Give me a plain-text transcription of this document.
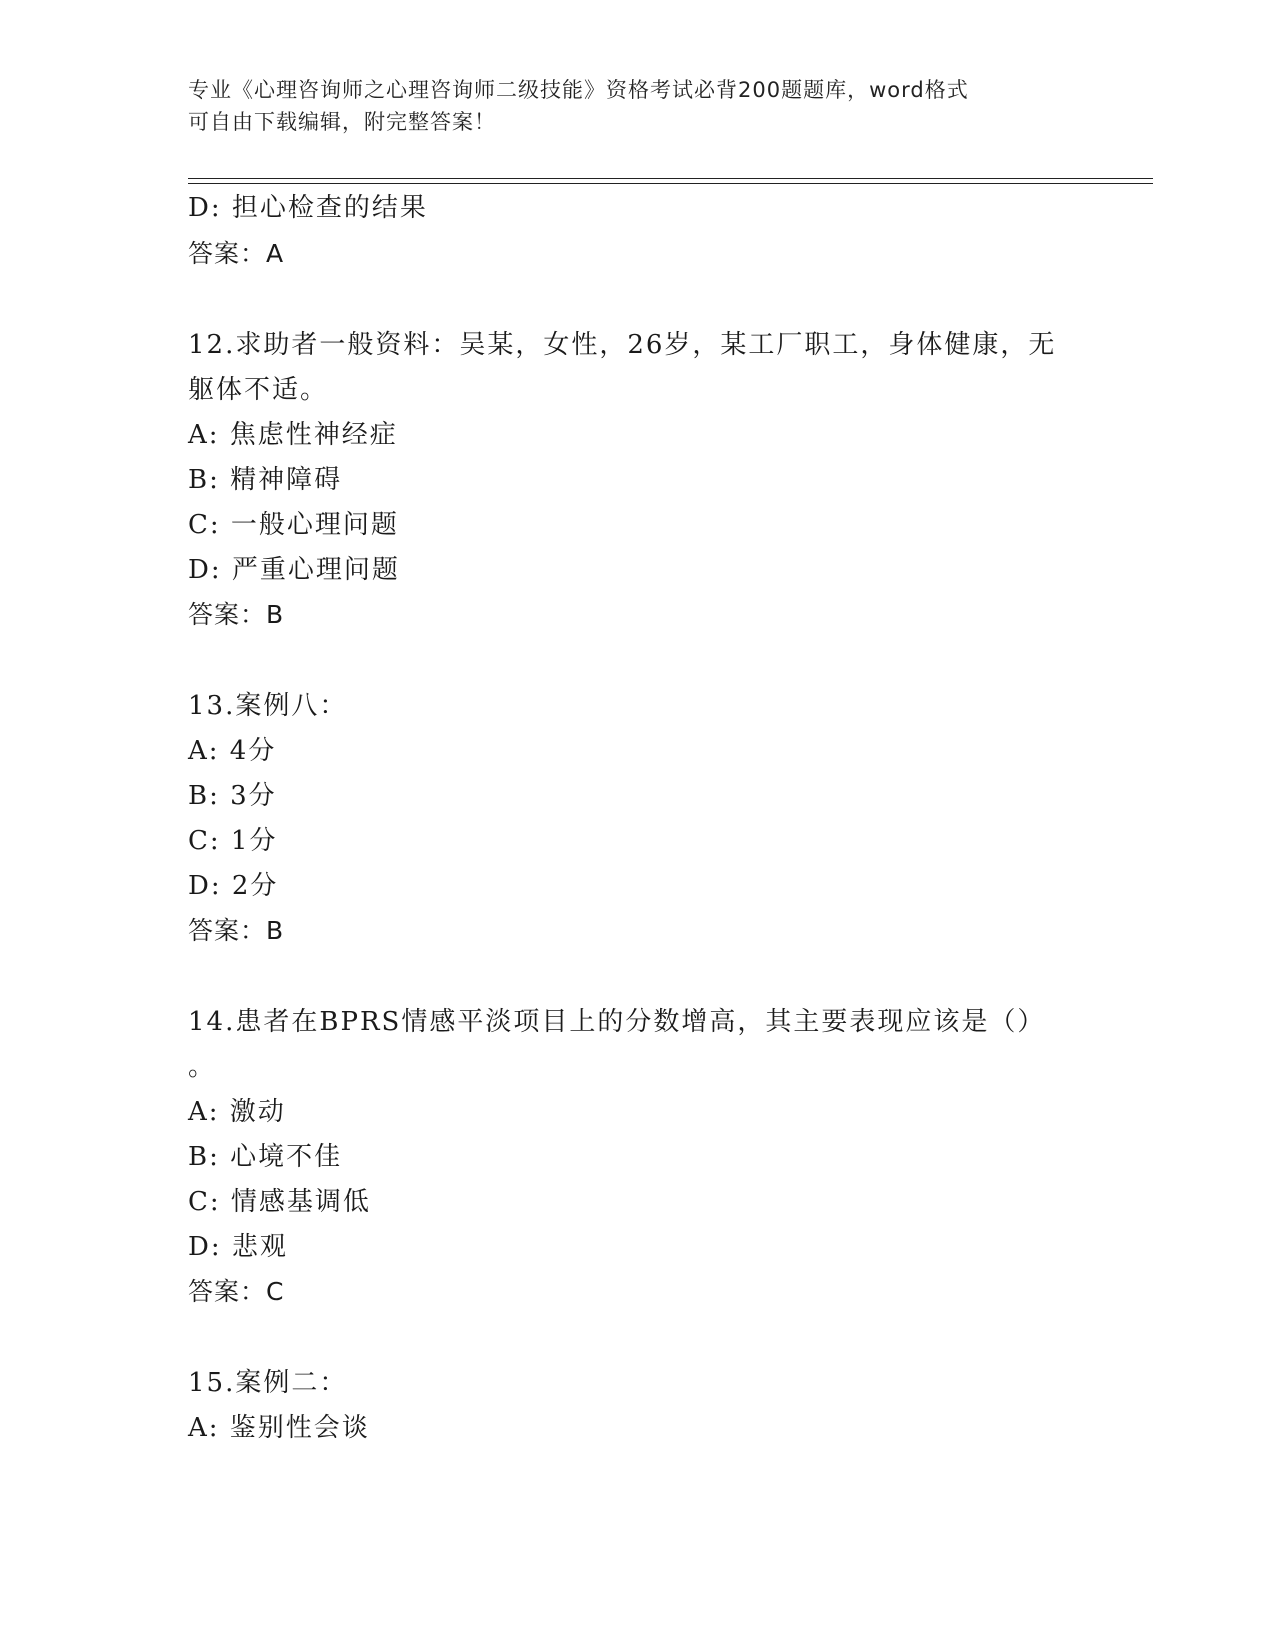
专业《心理咨询师之心理咨询师二级技能》资格考试必背200题题库，word格式
可自由下载编辑，附完整答案！
D: 担心检查的结果
答案：A
12.求助者一般资料：吴某，女性，26岁，某工厂职工，身体健康，无
躯体不适。
A: 焦虑性神经症
B: 精神障碍
C: 一般心理问题
D: 严重心理问题
答案：B
13.案例八：
A: 4分
B: 3分
C: 1分
D: 2分
答案：B
14.患者在BPRS情感平淡项目上的分数增高，其主要表现应该是（）
。
A: 激动
B: 心境不佳
C: 情感基调低
D: 悲观
答案：C
15.案例二：
A: 鉴别性会谈
